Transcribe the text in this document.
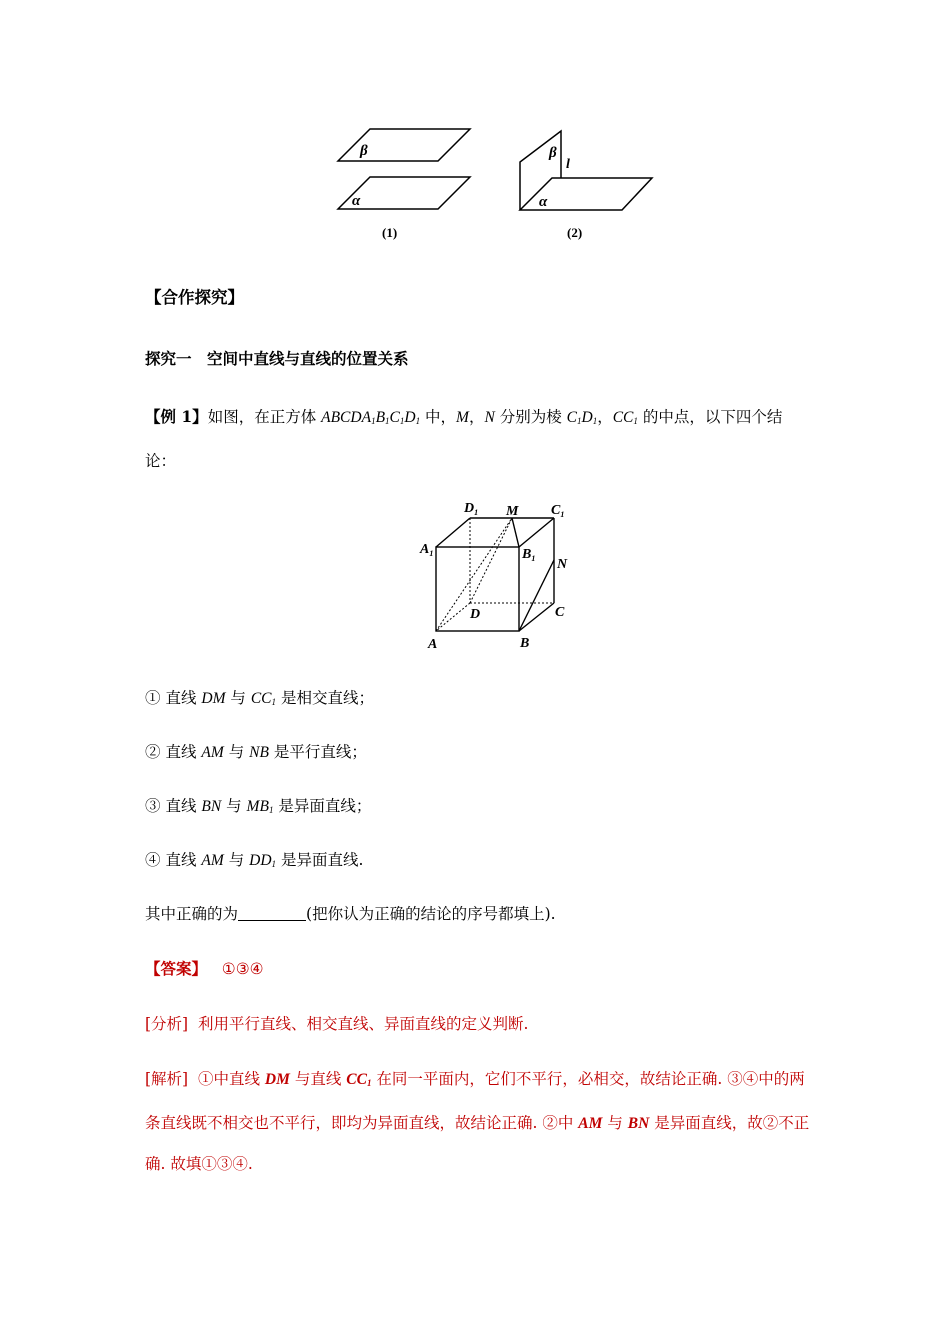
β
α
(1)
β
l
α
(2)
【合作探究】
探究一　空间中直线与直线的位置关系
【例 1】如图，在正方体 $ABCDA_1B_1C_1D_1$ 中，M，N 分别为棱 $C_1D_1$，$CC_1$ 的中点，以下四个结
论：
$D_1$ M $C_1$
$A_1$	$B_1$ N
D	C
A	B
① 直线 DM 与 $CC_1$ 是相交直线；
② 直线 AM 与 NB 是平行直线；
③ 直线 BN 与 $MB_1$ 是异面直线；
④ 直线 AM 与 $DD_1$ 是异面直线.
其中正确的为	(把你认为正确的结论的序号都填上).
【答案】 ①③④
[分析] 利用平行直线、相交直线、异面直线的定义判断.
[解析] ①中直线 DM 与直线 $CC_1$ 在同一平面内，它们不平行，必相交，故结论正确. ③④中的两条直线既不相交也不平行，即均为异面直线，故结论正确. ②中 AM 与 BN 是异面直线，故②不正确. 故填①③④.
